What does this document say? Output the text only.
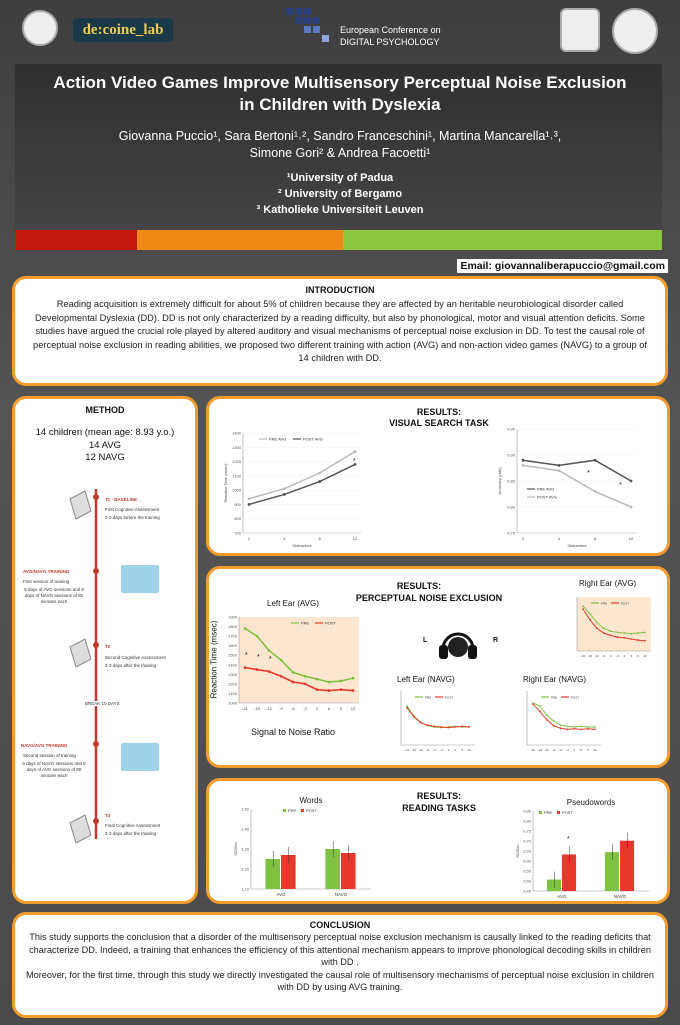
de:coine_lab	European Conference on
DIGITAL PSYCHOLOGY
Action Video Games Improve Multisensory Perceptual Noise Exclusion
in Children with Dyslexia
Giovanna Puccio¹, Sara Bertoni¹˒², Sandro Franceschini¹, Martina Mancarella¹˒³,
Simone Gori² & Andrea Facoetti¹
¹University of Padua
² University of Bergamo
³ Katholieke Universiteit Leuven
Email: giovannaliberapuccio@gmail.com
INTRODUCTION
Reading acquisition is extremely difficult for about 5% of children because they are affected by an heritable neurobiological disorder called Developmental Dyslexia (DD). DD is not only characterized by a reading difficulty, but also by phonological, motor and visual attention deficits. Some studies have argued the crucial role played by altered auditory and visual mechanisms of perceptual noise exclusion in DD. To test the causal role of perceptual noise exclusion in reading abilities, we proposed two different training with action (AVG) and non-action video games (NAVG) to a group of 14 children with DD.
METHOD
14 children (mean age: 8.93 y.o.)
14 AVG
12 NAVG
T1 - BASELINE
First Cognitive Assessment
2-3 days before the training
AVG/NAVG TRAINING
First session of training
9 days of AVG sessions and 9 days of NAVG sessions of 80 minutes each
T2
Second Cognitive Assessment
2-3 days after the training
BREAK 10 DAYS
NAVG/AVG TRAINING
Second session of training
9 days of NAVG sessions and 9 days of AVG sessions of 80 minutes each
T3
Final Cognitive Assessment
2-3 days after the training
RESULTS:
VISUAL SEARCH TASK
700
800
900
1000
1100
1200
1300
1400
2	4	8	12
PRE AVG	POST AVG
*
Reaction Time (msec)
Distractors
0.75
0.80
0.85
0.90
0.95
2	4	8	12
PRE AVG
POST AVG
*
*
Accuracy (rate)
Distractors
RESULTS:
PERCEPTUAL NOISE EXCLUSION
Left Ear (AVG)
Right Ear (AVG)
Left Ear (NAVG)	Right Ear (NAVG)
Reaction Time (msec)
Signal to Noise Ratio
1000
1100
1200
1300
1400
1500
1600
1700
1800
1900
-21 -15 -12 -9 -6 -3 3 6 9 12
PRE	POST
* * *	-21 -15 -12 -9 -6 -3 3 6 9 12
PRE	POST
-21 -15 -12 -9 -6 -3 3 6 9 12
PRE	POST
-21 -15 -12 -9 -6 -3 3 6 9 12
PRE	POST
L	R
RESULTS:
READING TASKS
1,10
1,20
1,30
1,40
1,50
AVG	NAVG
PRE POST
Words
SD/Sec
0,45
0,50
0,55
0,60
0,65
0,70
0,75
0,80
0,85
AVG	NAVG
PRE POST
Pseudowords
SD/Sec
*
CONCLUSION
This study supports the conclusion that a disorder of the multisensory perceptual noise exclusion mechanism is causally linked to the reading deficits that characterize DD. Indeed, a training that enhances the efficiency of this attentional mechanism appears to improve phonological decoding skills in children with DD .
Moreover, for the first time, through this study we directly investigated the causal role of multisensory mechanisms of perceptual noise exclusion in children with DD by using AVG training.
